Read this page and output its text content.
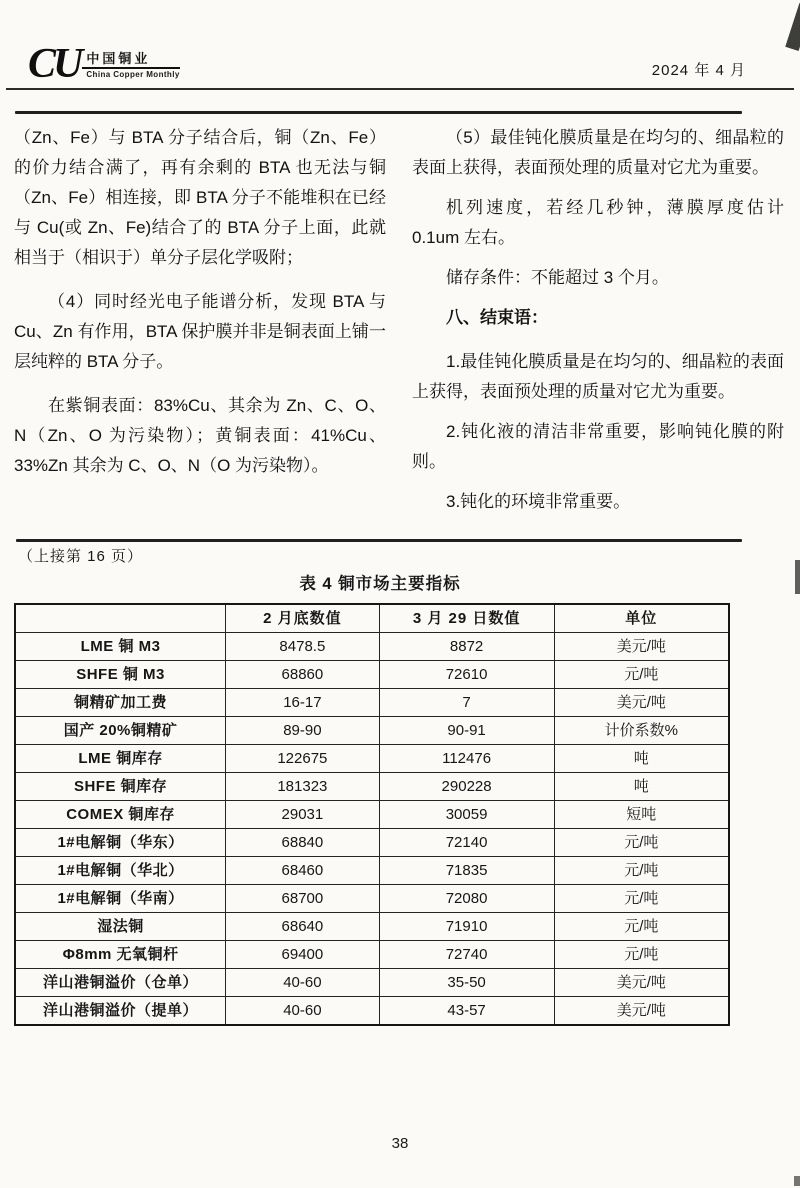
CU 中国铜业
China Copper Monthly	2024 年 4 月

（Zn、Fe）与 BTA 分子结合后，铜（Zn、Fe）的价力结合满了，再有余剩的 BTA 也无法与铜（Zn、Fe）相连接，即 BTA 分子不能堆积在已经与 Cu(或 Zn、Fe)结合了的 BTA 分子上面，此就相当于（相识于）单分子层化学吸附；

（4）同时经光电子能谱分析，发现 BTA 与 Cu、Zn 有作用，BTA 保护膜并非是铜表面上铺一层纯粹的 BTA 分子。

在紫铜表面：83%Cu、其余为 Zn、C、O、N（Zn、O 为污染物）；黄铜表面：41%Cu、33%Zn 其余为 C、O、N（O 为污染物）。

（5）最佳钝化膜质量是在均匀的、细晶粒的表面上获得，表面预处理的质量对它尤为重要。

机列速度，若经几秒钟，薄膜厚度估计 0.1um 左右。

储存条件：不能超过 3 个月。

八、结束语：

1.最佳钝化膜质量是在均匀的、细晶粒的表面上获得，表面预处理的质量对它尤为重要。

2.钝化液的清洁非常重要，影响钝化膜的附则。

3.钝化的环境非常重要。

（上接第 16 页）
表 4 铜市场主要指标
	2 月底数值	3 月 29 日数值	单位
LME 铜 M3	8478.5	8872	美元/吨
SHFE 铜 M3	68860	72610	元/吨
铜精矿加工费	16-17	7	美元/吨
国产 20%铜精矿	89-90	90-91	计价系数%
LME 铜库存	122675	112476	吨
SHFE 铜库存	181323	290228	吨
COMEX 铜库存	29031	30059	短吨
1#电解铜（华东）	68840	72140	元/吨
1#电解铜（华北）	68460	71835	元/吨
1#电解铜（华南）	68700	72080	元/吨
湿法铜	68640	71910	元/吨
Φ8mm 无氧铜杆	69400	72740	元/吨
洋山港铜溢价（仓单）	40-60	35-50	美元/吨
洋山港铜溢价（提单）	40-60	43-57	美元/吨
38
